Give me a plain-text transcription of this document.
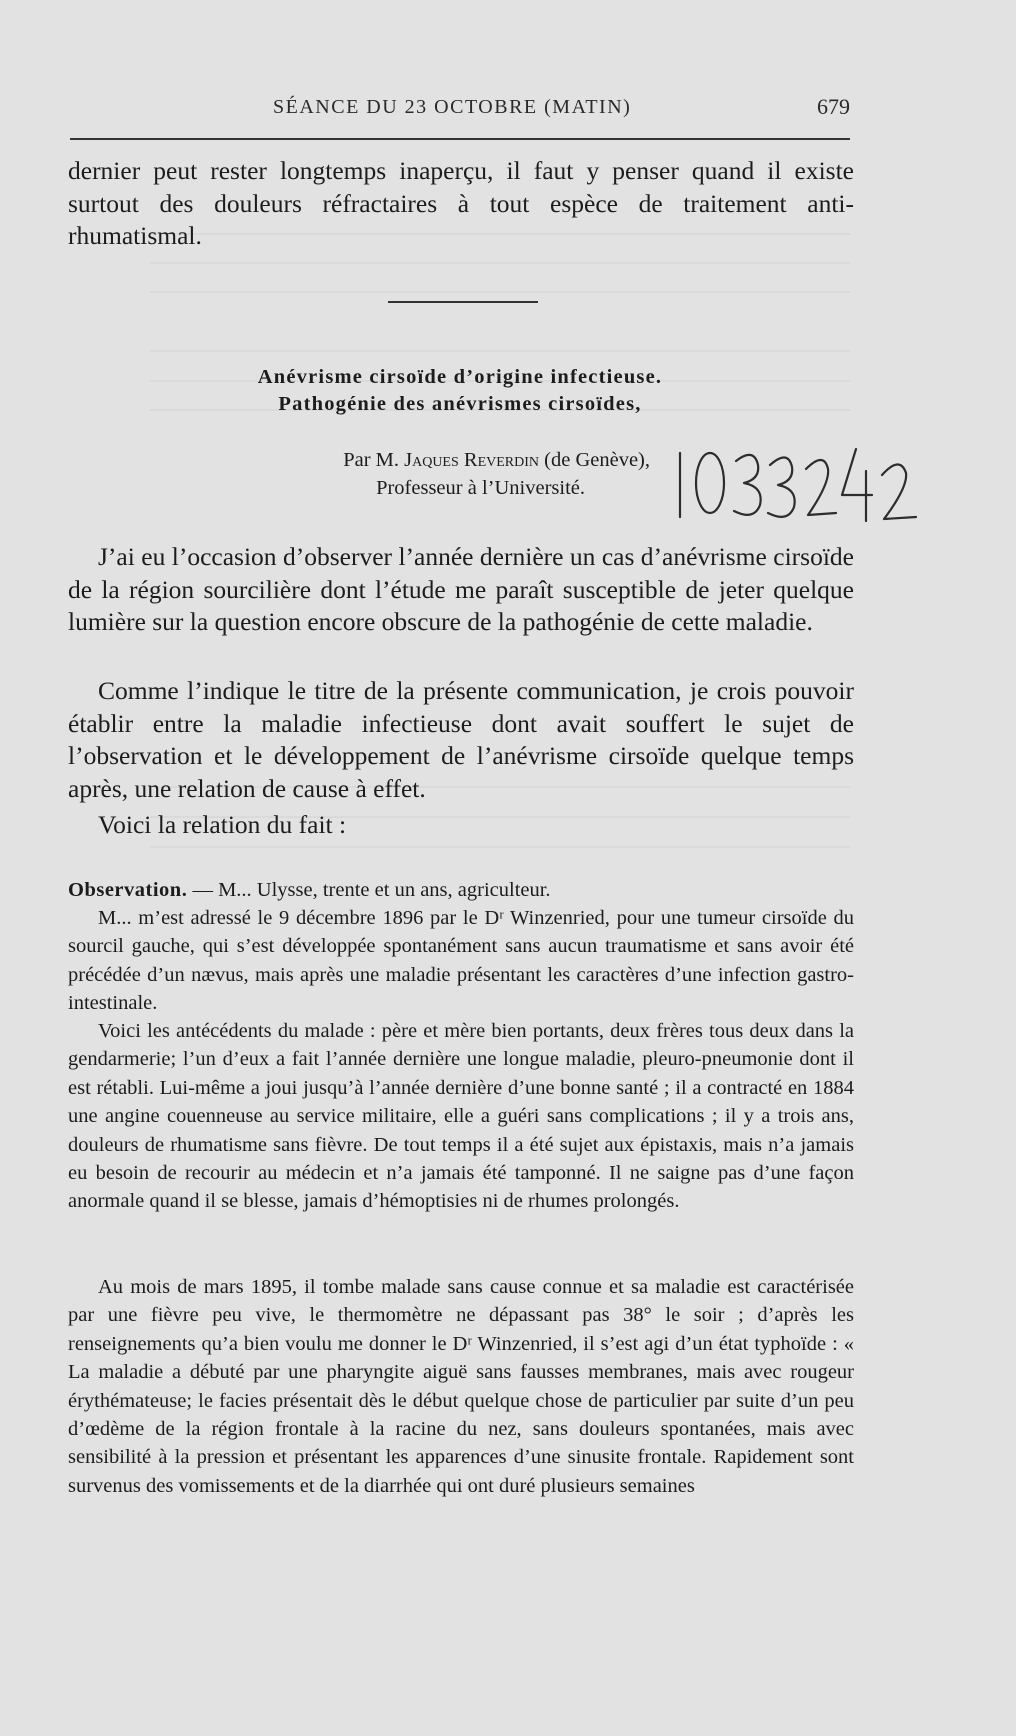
SÉANCE DU 23 OCTOBRE (MATIN)	679

dernier peut rester longtemps inaperçu, il faut y penser quand il existe surtout des douleurs réfractaires à tout espèce de traitement anti-rhumatismal.

Anévrisme cirsoïde d’origine infectieuse.
Pathogénie des anévrismes cirsoïdes,
Par M. Jaques Reverdin (de Genève),
Professeur à l’Université.

J’ai eu l’occasion d’observer l’année dernière un cas d’anévrisme cirsoïde de la région sourcilière dont l’étude me paraît susceptible de jeter quelque lumière sur la question encore obscure de la pathogénie de cette maladie.

Comme l’indique le titre de la présente communication, je crois pouvoir établir entre la maladie infectieuse dont avait souffert le sujet de l’observation et le développement de l’anévrisme cirsoïde quelque temps après, une relation de cause à effet.

Voici la relation du fait :

Observation. — M... Ulysse, trente et un ans, agriculteur.

M... m’est adressé le 9 décembre 1896 par le Dʳ Winzenried, pour une tumeur cirsoïde du sourcil gauche, qui s’est développée spontanément sans aucun traumatisme et sans avoir été précédée d’un nævus, mais après une maladie présentant les caractères d’une infection gastro-intestinale.

Voici les antécédents du malade : père et mère bien portants, deux frères tous deux dans la gendarmerie; l’un d’eux a fait l’année dernière une longue maladie, pleuro-pneumonie dont il est rétabli. Lui-même a joui jusqu’à l’année dernière d’une bonne santé ; il a contracté en 1884 une angine couenneuse au service militaire, elle a guéri sans complications ; il y a trois ans, douleurs de rhumatisme sans fièvre. De tout temps il a été sujet aux épistaxis, mais n’a jamais eu besoin de recourir au médecin et n’a jamais été tamponné. Il ne saigne pas d’une façon anormale quand il se blesse, jamais d’hémoptisies ni de rhumes prolongés.

Au mois de mars 1895, il tombe malade sans cause connue et sa maladie est caractérisée par une fièvre peu vive, le thermomètre ne dépassant pas 38° le soir ; d’après les renseignements qu’a bien voulu me donner le Dʳ Winzenried, il s’est agi d’un état typhoïde : « La maladie a débuté par une pharyngite aiguë sans fausses membranes, mais avec rougeur érythémateuse; le facies présentait dès le début quelque chose de particulier par suite d’un peu d’œdème de la région frontale à la racine du nez, sans douleurs spontanées, mais avec sensibilité à la pression et présentant les apparences d’une sinusite frontale. Rapidement sont survenus des vomissements et de la diarrhée qui ont duré plusieurs semaines
